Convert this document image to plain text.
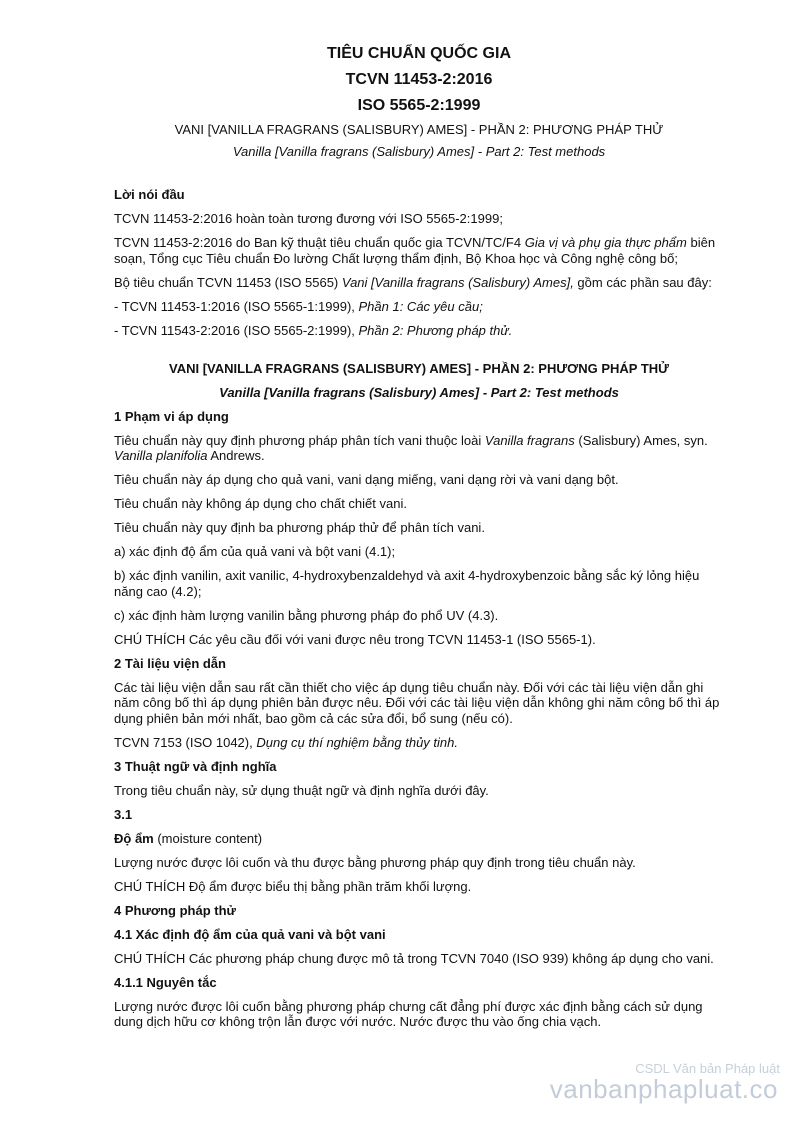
TIÊU CHUẨN QUỐC GIA
TCVN 11453-2:2016
ISO 5565-2:1999
VANI [VANILLA FRAGRANS (SALISBURY) AMES] - PHẦN 2: PHƯƠNG PHÁP THỬ
Vanilla [Vanilla fragrans (Salisbury) Ames] - Part 2: Test methods

Lời nói đầu

TCVN 11453-2:2016 hoàn toàn tương đương với ISO 5565-2:1999;

TCVN 11453-2:2016 do Ban kỹ thuật tiêu chuẩn quốc gia TCVN/TC/F4 Gia vị và phụ gia thực phẩm biên soạn, Tổng cục Tiêu chuẩn Đo lường Chất lượng thẩm định, Bộ Khoa học và Công nghệ công bố;

Bộ tiêu chuẩn TCVN 11453 (ISO 5565) Vani [Vanilla fragrans (Salisbury) Ames], gồm các phần sau đây:

- TCVN 11453-1:2016 (ISO 5565-1:1999), Phần 1: Các yêu cầu;

- TCVN 11543-2:2016 (ISO 5565-2:1999), Phần 2: Phương pháp thử.

VANI [VANILLA FRAGRANS (SALISBURY) AMES] - PHẦN 2: PHƯƠNG PHÁP THỬ

Vanilla [Vanilla fragrans (Salisbury) Ames] - Part 2: Test methods

1 Phạm vi áp dụng

Tiêu chuẩn này quy định phương pháp phân tích vani thuộc loài Vanilla fragrans (Salisbury) Ames, syn. Vanilla planifolia Andrews.

Tiêu chuẩn này áp dụng cho quả vani, vani dạng miếng, vani dạng rời và vani dạng bột.

Tiêu chuẩn này không áp dụng cho chất chiết vani.

Tiêu chuẩn này quy định ba phương pháp thử để phân tích vani.

a) xác định độ ẩm của quả vani và bột vani (4.1);

b) xác định vanilin, axit vanilic, 4-hydroxybenzaldehyd và axit 4-hydroxybenzoic bằng sắc ký lỏng hiệu năng cao (4.2);

c) xác định hàm lượng vanilin bằng phương pháp đo phổ UV (4.3).

CHÚ THÍCH Các yêu cầu đối với vani được nêu trong TCVN 11453-1 (ISO 5565-1).

2 Tài liệu viện dẫn

Các tài liệu viện dẫn sau rất cần thiết cho việc áp dụng tiêu chuẩn này. Đối với các tài liệu viện dẫn ghi năm công bố thì áp dụng phiên bản được nêu. Đối với các tài liệu viện dẫn không ghi năm công bố thì áp dụng phiên bản mới nhất, bao gồm cả các sửa đổi, bổ sung (nếu có).

TCVN 7153 (ISO 1042), Dụng cụ thí nghiệm bằng thủy tinh.

3 Thuật ngữ và định nghĩa

Trong tiêu chuẩn này, sử dụng thuật ngữ và định nghĩa dưới đây.

3.1

Độ ẩm (moisture content)

Lượng nước được lôi cuốn và thu được bằng phương pháp quy định trong tiêu chuẩn này.

CHÚ THÍCH Độ ẩm được biểu thị bằng phần trăm khối lượng.

4 Phương pháp thử

4.1 Xác định độ ẩm của quả vani và bột vani

CHÚ THÍCH Các phương pháp chung được mô tả trong TCVN 7040 (ISO 939) không áp dụng cho vani.

4.1.1 Nguyên tắc

Lượng nước được lôi cuốn bằng phương pháp chưng cất đẳng phí được xác định bằng cách sử dụng dung dịch hữu cơ không trộn lẫn được với nước. Nước được thu vào ống chia vạch.

CSDL Văn bản Pháp luật
vanbanphapluat.co
